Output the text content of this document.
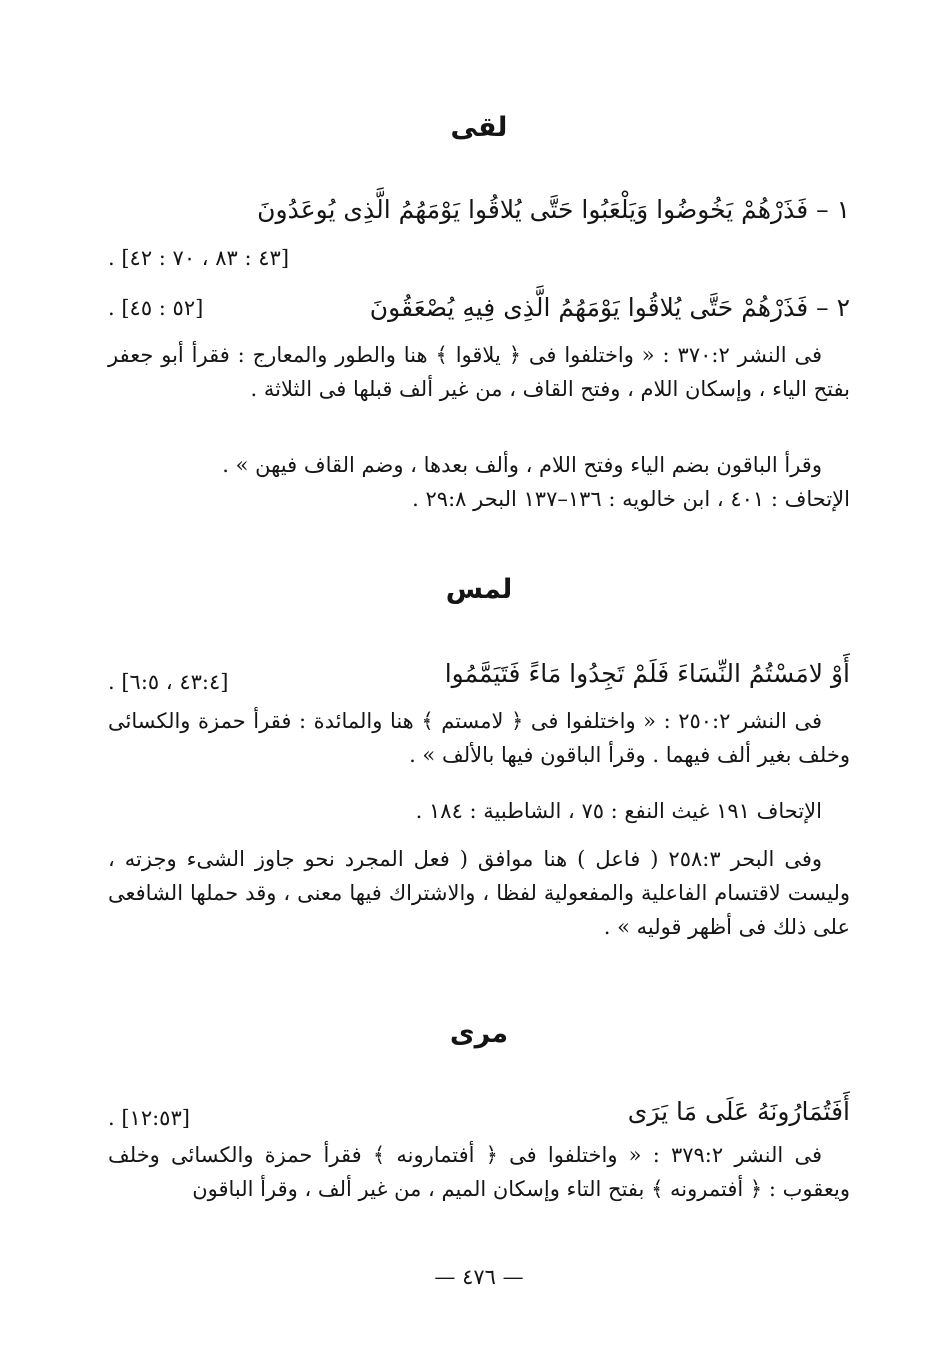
لقى
١ – فَذَرْهُمْ يَخُوضُوا وَيَلْعَبُوا حَتَّى يُلاقُوا يَوْمَهُمُ الَّذِى يُوعَدُونَ
[٤٣ : ٨٣ ، ٧٠ : ٤٢] .
٢ – فَذَرْهُمْ حَتَّى يُلاقُوا يَوْمَهُمُ الَّذِى فِيهِ يُصْعَقُونَ
[٥٢ : ٤٥] .
فى النشر ٣٧٠:٢ : « واختلفوا فى ﴿ يلاقوا ﴾ هنا والطور والمعارج : فقرأ أبو جعفر بفتح الياء ، وإسكان اللام ، وفتح القاف ، من غير ألف قبلها فى الثلاثة .
وقرأ الباقون بضم الياء وفتح اللام ، وألف بعدها ، وضم القاف فيهن » .
الإتحاف : ٤٠١ ، ابن خالويه : ١٣٦–١٣٧ البحر ٢٩:٨ .
لمس
أَوْ لامَسْتُمُ النِّسَاءَ فَلَمْ تَجِدُوا مَاءً فَتَيَمَّمُوا
[٤٣:٤ ، ٦:٥] .
فى النشر ٢٥٠:٢ : « واختلفوا فى ﴿ لامستم ﴾ هنا والمائدة : فقرأ حمزة والكسائى وخلف بغير ألف فيهما . وقرأ الباقون فيها بالألف » .
الإتحاف ١٩١ غيث النفع : ٧٥ ، الشاطبية : ١٨٤ .
وفى البحر ٢٥٨:٣ ( فاعل ) هنا موافق ( فعل المجرد نحو جاوز الشىء وجزته ، وليست لاقتسام الفاعلية والمفعولية لفظا ، والاشتراك فيها معنى ، وقد حملها الشافعى على ذلك فى أظهر قوليه » .
مرى
أَفَتُمَارُونَهُ عَلَى مَا يَرَى
[١٢:٥٣] .
فى النشر ٣٧٩:٢ : « واختلفوا فى ﴿ أفتمارونه ﴾ فقرأ حمزة والكسائى وخلف ويعقوب : ﴿ أفتمرونه ﴾ بفتح التاء وإسكان الميم ، من غير ألف ، وقرأ الباقون
— ٤٧٦ —
